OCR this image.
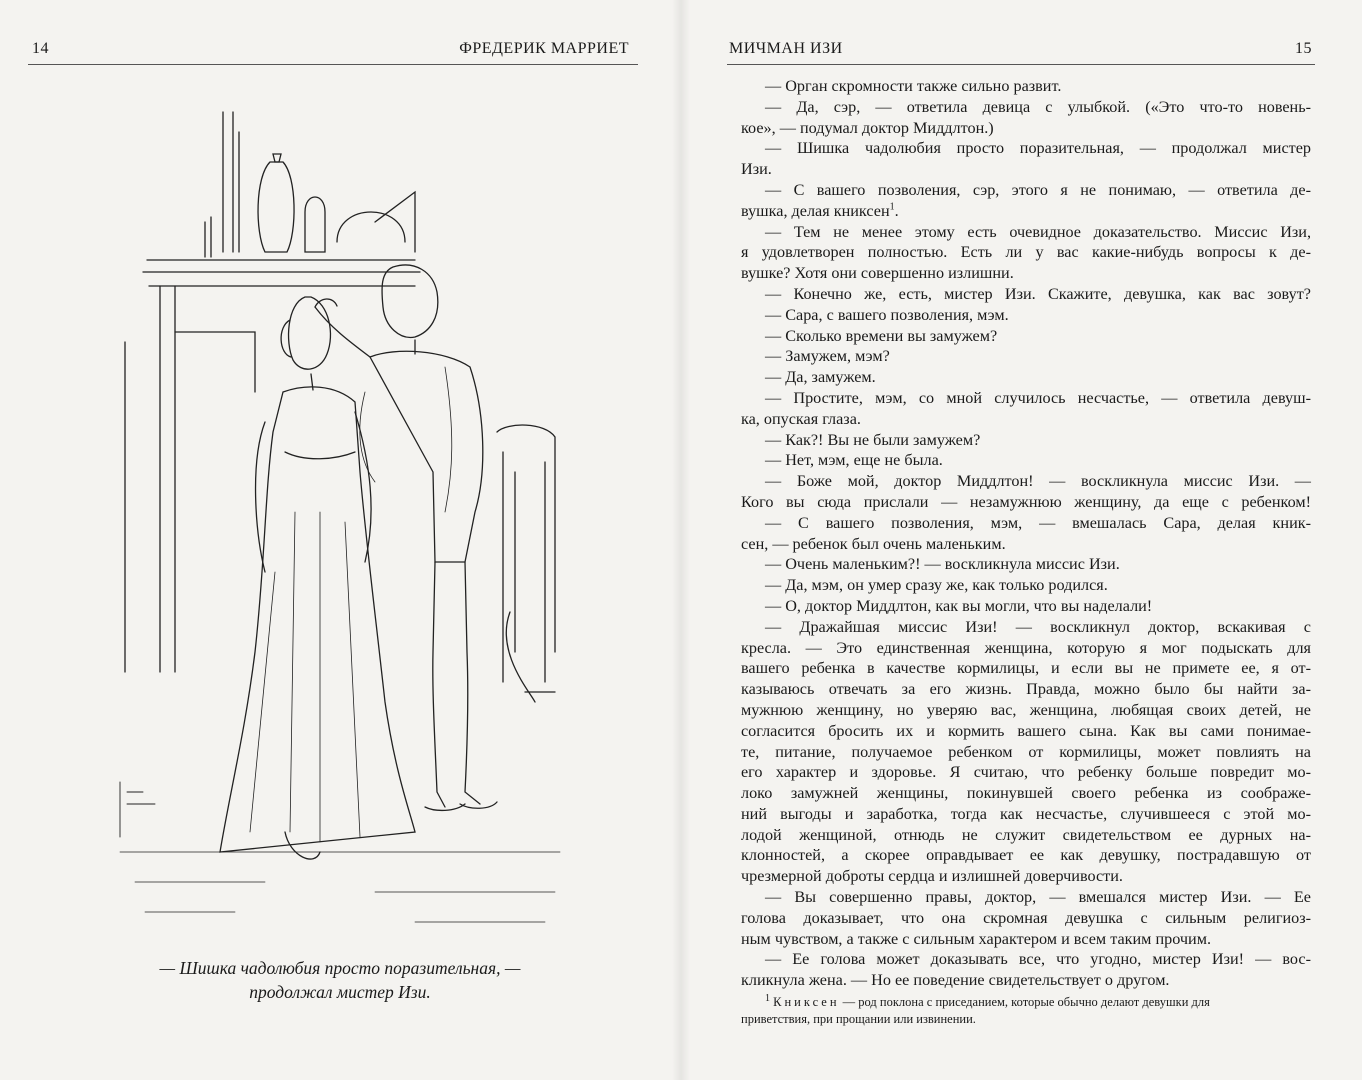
14	ФРЕДЕРИК МАРРИЕТ
— Шишка чадолюбия просто поразительная, —
продолжал мистер Изи.
МИЧМАН ИЗИ	15
— Орган скромности также сильно развит.
— Да, сэр, — ответила девица с улыбкой. («Это что-то новень-
кое», — подумал доктор Миддлтон.)
— Шишка чадолюбия просто поразительная, — продолжал мистер
Изи.
— С вашего позволения, сэр, этого я не понимаю, — ответила де-
вушка, делая книксен$^1$.
— Тем не менее этому есть очевидное доказательство. Миссис Изи,
я удовлетворен полностью. Есть ли у вас какие-нибудь вопросы к де-
вушке? Хотя они совершенно излишни.
— Конечно же, есть, мистер Изи. Скажите, девушка, как вас зовут?
— Сара, с вашего позволения, мэм.
— Сколько времени вы замужем?
— Замужем, мэм?
— Да, замужем.
— Простите, мэм, со мной случилось несчастье, — ответила девуш-
ка, опуская глаза.
— Как?! Вы не были замужем?
— Нет, мэм, еще не была.
— Боже мой, доктор Миддлтон! — воскликнула миссис Изи. —
Кого вы сюда прислали — незамужнюю женщину, да еще с ребенком!
— С вашего позволения, мэм, — вмешалась Сара, делая кник-
сен, — ребенок был очень маленьким.
— Очень маленьким?! — воскликнула миссис Изи.
— Да, мэм, он умер сразу же, как только родился.
— О, доктор Миддлтон, как вы могли, что вы наделали!
— Дражайшая миссис Изи! — воскликнул доктор, вскакивая с
кресла. — Это единственная женщина, которую я мог подыскать для
вашего ребенка в качестве кормилицы, и если вы не примете ее, я от-
казываюсь отвечать за его жизнь. Правда, можно было бы найти за-
мужнюю женщину, но уверяю вас, женщина, любящая своих детей, не
согласится бросить их и кормить вашего сына. Как вы сами понимае-
те, питание, получаемое ребенком от кормилицы, может повлиять на
его характер и здоровье. Я считаю, что ребенку больше повредит мо-
локо замужней женщины, покинувшей своего ребенка из соображе-
ний выгоды и заработка, тогда как несчастье, случившееся с этой мо-
лодой женщиной, отнюдь не служит свидетельством ее дурных на-
клонностей, а скорее оправдывает ее как девушку, пострадавшую от
чрезмерной доброты сердца и излишней доверчивости.
— Вы совершенно правы, доктор, — вмешался мистер Изи. — Ее
голова доказывает, что она скромная девушка с сильным религиоз-
ным чувством, а также с сильным характером и всем таким прочим.
— Ее голова может доказывать все, что угодно, мистер Изи! — вос-
кликнула жена. — Но ее поведение свидетельствует о другом.
$^1$ Книксен — род поклона с приседанием, которые обычно делают девушки для
приветствия, при прощании или извинении.
